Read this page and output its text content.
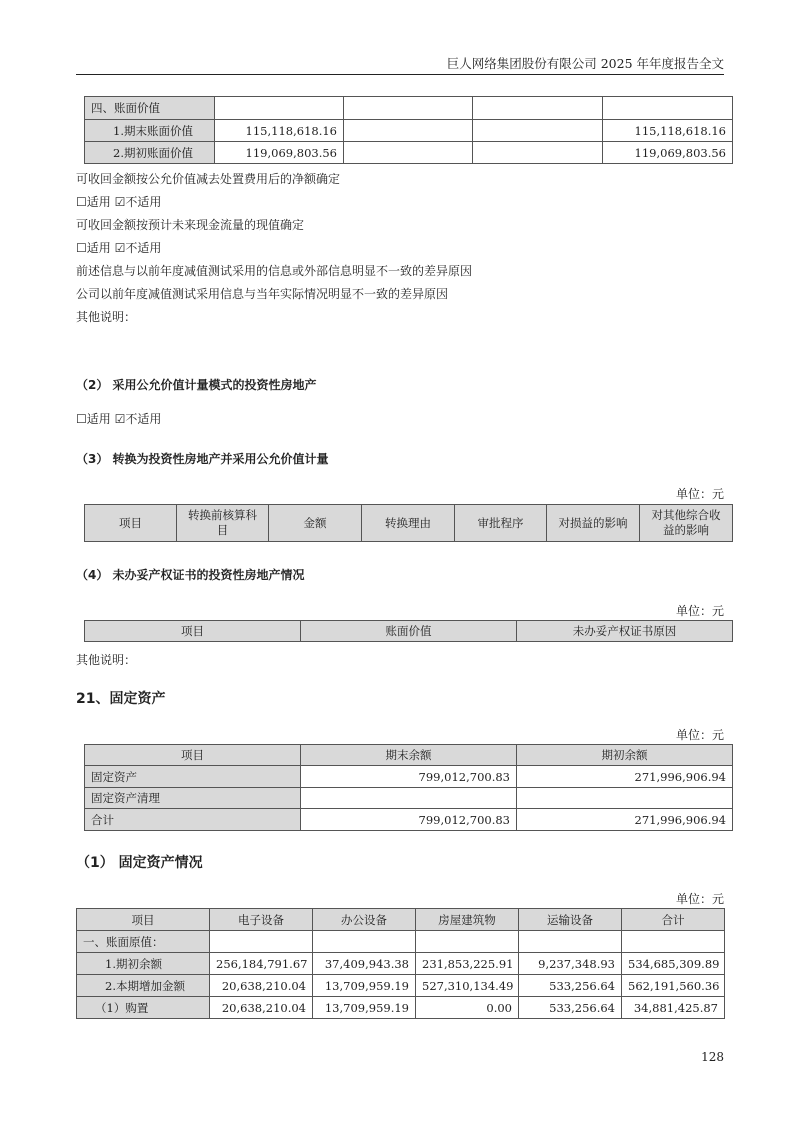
巨人网络集团股份有限公司 2025 年年度报告全文
四、账面价值				
1.期末账面价值	115,118,618.16			115,118,618.16
2.期初账面价值	119,069,803.56			119,069,803.56
可收回金额按公允价值减去处置费用后的净额确定
☐适用 ☑不适用
可收回金额按预计未来现金流量的现值确定
☐适用 ☑不适用
前述信息与以前年度减值测试采用的信息或外部信息明显不一致的差异原因
公司以前年度减值测试采用信息与当年实际情况明显不一致的差异原因
其他说明：
（2） 采用公允价值计量模式的投资性房地产
☐适用 ☑不适用
（3） 转换为投资性房地产并采用公允价值计量
单位：元
项目	转换前核算科目	金额	转换理由	审批程序	对损益的影响	对其他综合收益的影响
（4） 未办妥产权证书的投资性房地产情况
单位：元
项目	账面价值	未办妥产权证书原因
其他说明：
21、固定资产
单位：元
项目	期末余额	期初余额
固定资产	799,012,700.83	271,996,906.94
固定资产清理		
合计	799,012,700.83	271,996,906.94
（1） 固定资产情况
单位：元
项目	电子设备	办公设备	房屋建筑物	运输设备	合计
一、账面原值：					
1.期初余额	256,184,791.67	37,409,943.38	231,853,225.91	9,237,348.93	534,685,309.89
2.本期增加金额	20,638,210.04	13,709,959.19	527,310,134.49	533,256.64	562,191,560.36
（1）购置	20,638,210.04	13,709,959.19	0.00	533,256.64	34,881,425.87
128
